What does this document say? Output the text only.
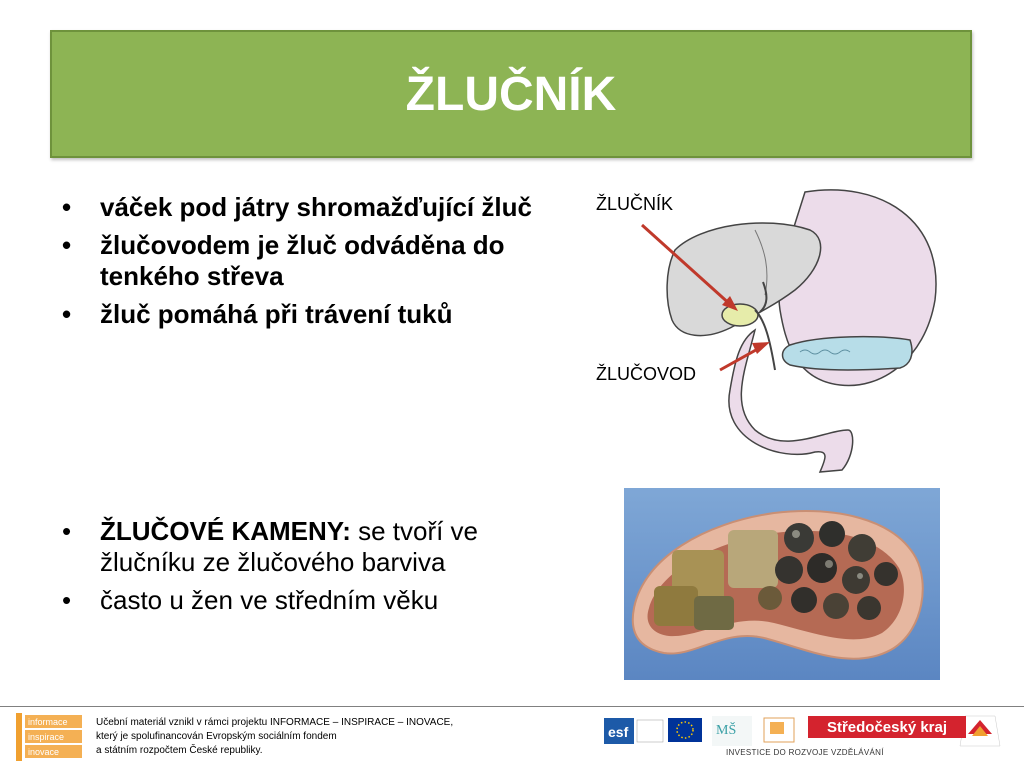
ŽLUČNÍK
• váček pod játry shromažďující žluč
• žlučovodem je žluč odváděna do tenkého střeva
• žluč pomáhá při trávení tuků
• ŽLUČOVÉ KAMENY: se tvoří ve žlučníku ze žlučového barviva
• často u žen ve středním věku
ŽLUČNÍK
ŽLUČOVOD
informace
inspirace
inovace
Učební materiál vznikl v rámci projektu INFORMACE – INSPIRACE – INOVACE,
který je spolufinancován Evropským sociálním fondem
a státním rozpočtem České republiky.
esf	MŠ	Středočeský kraj
INVESTICE DO ROZVOJE VZDĚLÁVÁNÍ
